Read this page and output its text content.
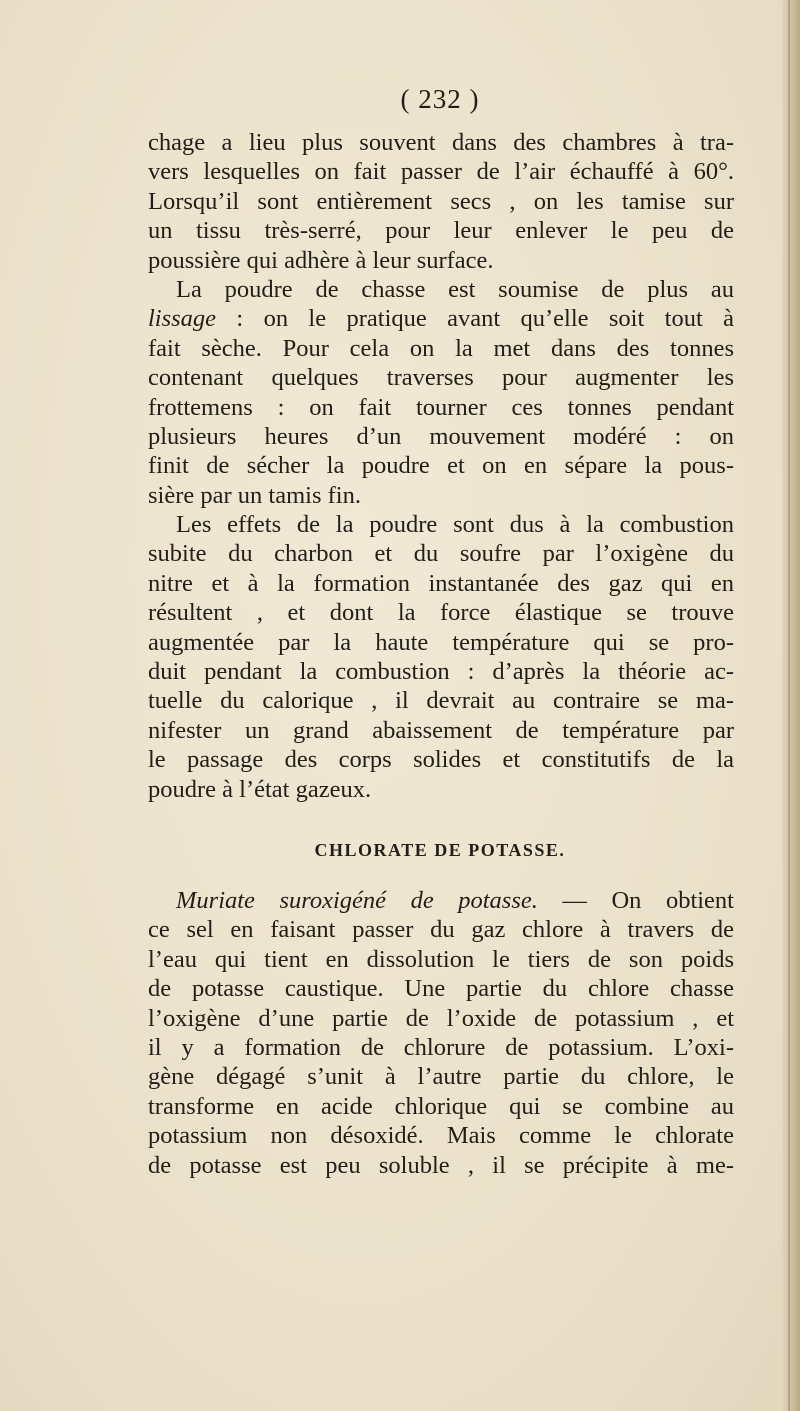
( 232 )
chage a lieu plus souvent dans des chambres à tra-
vers lesquelles on fait passer de l’air échauffé à 60°.
Lorsqu’il sont entièrement secs , on les tamise sur
un tissu très-serré, pour leur enlever le peu de
poussière qui adhère à leur surface.
La poudre de chasse est soumise de plus au
lissage : on le pratique avant qu’elle soit tout à
fait sèche. Pour cela on la met dans des tonnes
contenant quelques traverses pour augmenter les
frottemens : on fait tourner ces tonnes pendant
plusieurs heures d’un mouvement modéré : on
finit de sécher la poudre et on en sépare la pous-
sière par un tamis fin.
Les effets de la poudre sont dus à la combustion
subite du charbon et du soufre par l’oxigène du
nitre et à la formation instantanée des gaz qui en
résultent , et dont la force élastique se trouve
augmentée par la haute température qui se pro-
duit pendant la combustion : d’après la théorie ac-
tuelle du calorique , il devrait au contraire se ma-
nifester un grand abaissement de température par
le passage des corps solides et constitutifs de la
poudre à l’état gazeux.
CHLORATE DE POTASSE.
Muriate suroxigéné de potasse. — On obtient
ce sel en faisant passer du gaz chlore à travers de
l’eau qui tient en dissolution le tiers de son poids
de potasse caustique. Une partie du chlore chasse
l’oxigène d’une partie de l’oxide de potassium , et
il y a formation de chlorure de potassium. L’oxi-
gène dégagé s’unit à l’autre partie du chlore, le
transforme en acide chlorique qui se combine au
potassium non désoxidé. Mais comme le chlorate
de potasse est peu soluble , il se précipite à me-
